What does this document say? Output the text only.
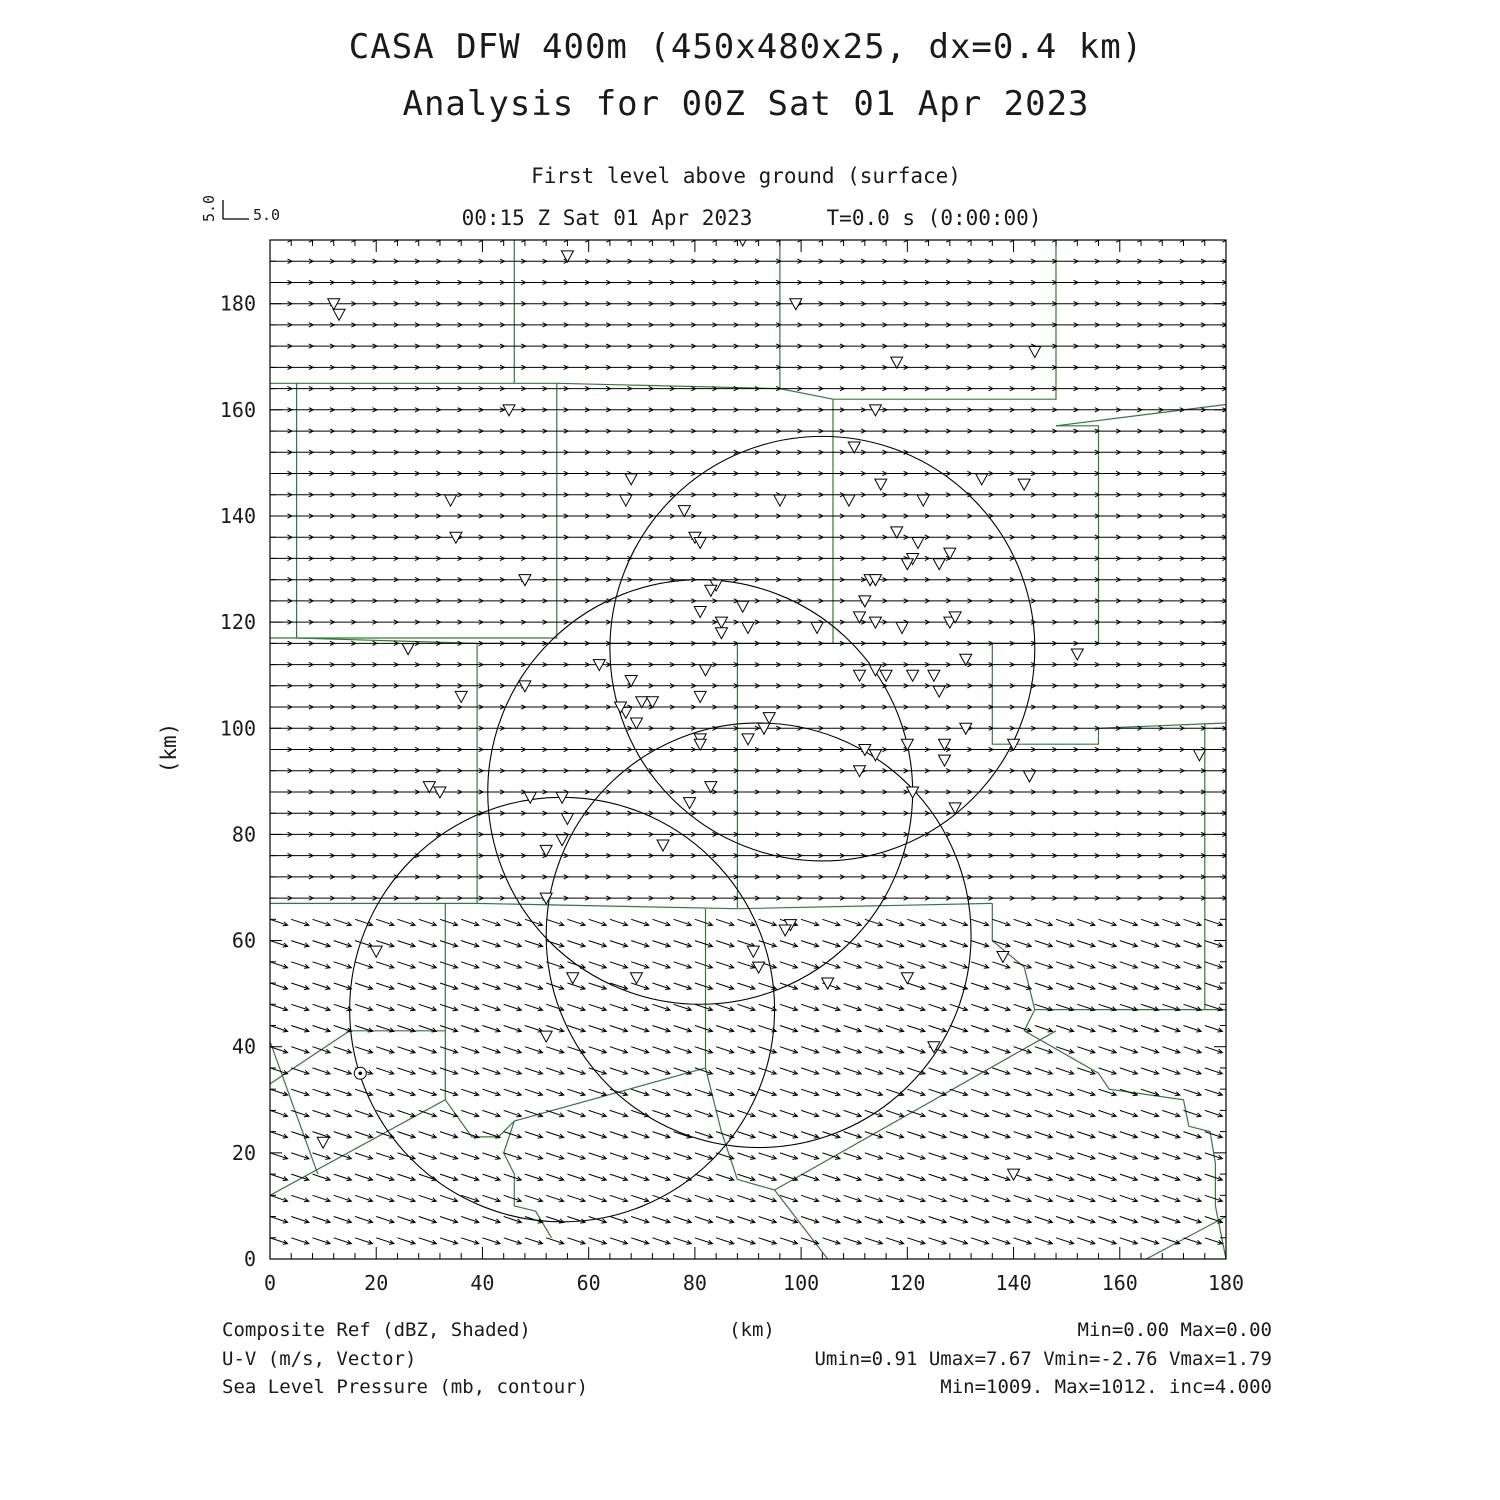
CASA DFW 400m (450x480x25, dx=0.4 km)
Analysis for 00Z Sat 01 Apr 2023
First level above ground (surface)
00:15 Z Sat 01 Apr 2023	T=0.0 s (0:00:00)
5.0
5.0
(km)
0	20	40	60	80	100	120	140	160	180
0
20
40
60
80
100
120
140
160
180
Composite Ref (dBZ, Shaded)
U-V (m/s, Vector)
Sea Level Pressure (mb, contour)
(km)	Min=0.00 Max=0.00
Umin=0.91 Umax=7.67 Vmin=-2.76 Vmax=1.79
Min=1009. Max=1012. inc=4.000
